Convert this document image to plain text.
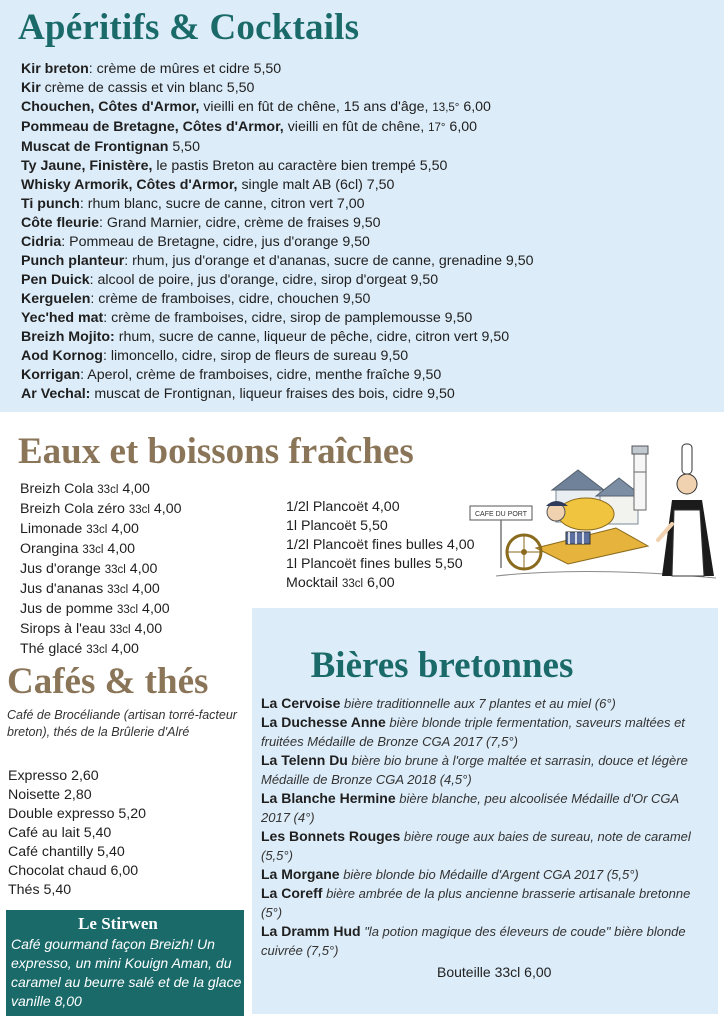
Apéritifs & Cocktails
Kir breton: crème de mûres et cidre 5,50
Kir crème de cassis et vin blanc 5,50
Chouchen, Côtes d'Armor, vieilli en fût de chêne, 15 ans d'âge, 13,5° 6,00
Pommeau de Bretagne, Côtes d'Armor, vieilli en fût de chêne, 17° 6,00
Muscat de Frontignan 5,50
Ty Jaune, Finistère, le pastis Breton au caractère bien trempé 5,50
Whisky Armorik, Côtes d'Armor, single malt AB (6cl) 7,50
Ti punch: rhum blanc, sucre de canne, citron vert 7,00
Côte fleurie: Grand Marnier, cidre, crème de fraises 9,50
Cidria: Pommeau de Bretagne, cidre, jus d'orange 9,50
Punch planteur: rhum, jus d'orange et d'ananas, sucre de canne, grenadine 9,50
Pen Duick: alcool de poire, jus d'orange, cidre, sirop d'orgeat 9,50
Kerguelen: crème de framboises, cidre, chouchen 9,50
Yec'hed mat: crème de framboises, cidre, sirop de pamplemousse 9,50
Breizh Mojito: rhum, sucre de canne, liqueur de pêche, cidre, citron vert 9,50
Aod Kornog: limoncello, cidre, sirop de fleurs de sureau 9,50
Korrigan: Aperol, crème de framboises, cidre, menthe fraîche 9,50
Ar Vechal: muscat de Frontignan, liqueur fraises des bois, cidre 9,50
Eaux et boissons fraîches
Breizh Cola 33cl 4,00
Breizh Cola zéro 33cl 4,00
Limonade 33cl 4,00
Orangina 33cl 4,00
Jus d'orange 33cl 4,00
Jus d'ananas 33cl 4,00
Jus de pomme 33cl 4,00
Sirops à l'eau 33cl 4,00
Thé glacé 33cl 4,00
1/2l Plancoët 4,00
1l Plancoët 5,50
1/2l Plancoët fines bulles 4,00
1l Plancoët fines bulles 5,50
Mocktail 33cl 6,00
CAFE DU PORT
Cafés & thés

Café de Brocéliande (artisan torré-facteur breton), thés de la Brûlerie d'Alré

Expresso 2,60
Noisette 2,80
Double expresso 5,20
Café au lait 5,40
Café chantilly 5,40
Chocolat chaud 6,00
Thés 5,40

Le Stirwen

Café gourmand façon Breizh! Un expresso, un mini Kouign Aman, du caramel au beurre salé et de la glace vanille 8,00

Bières bretonnes
La Cervoise bière traditionnelle aux 7 plantes et au miel (6°)
La Duchesse Anne bière blonde triple fermentation, saveurs maltées et fruitées Médaille de Bronze CGA 2017 (7,5°)
La Telenn Du bière bio brune à l'orge maltée et sarrasin, douce et légère Médaille de Bronze CGA 2018 (4,5°)
La Blanche Hermine bière blanche, peu alcoolisée Médaille d'Or CGA 2017 (4°)
Les Bonnets Rouges bière rouge aux baies de sureau, note de caramel (5,5°)
La Morgane bière blonde bio Médaille d'Argent CGA 2017 (5,5°)
La Coreff bière ambrée de la plus ancienne brasserie artisanale bretonne (5°)
La Dramm Hud "la potion magique des éleveurs de coude" bière blonde cuivrée (7,5°)

Bouteille 33cl 6,00
